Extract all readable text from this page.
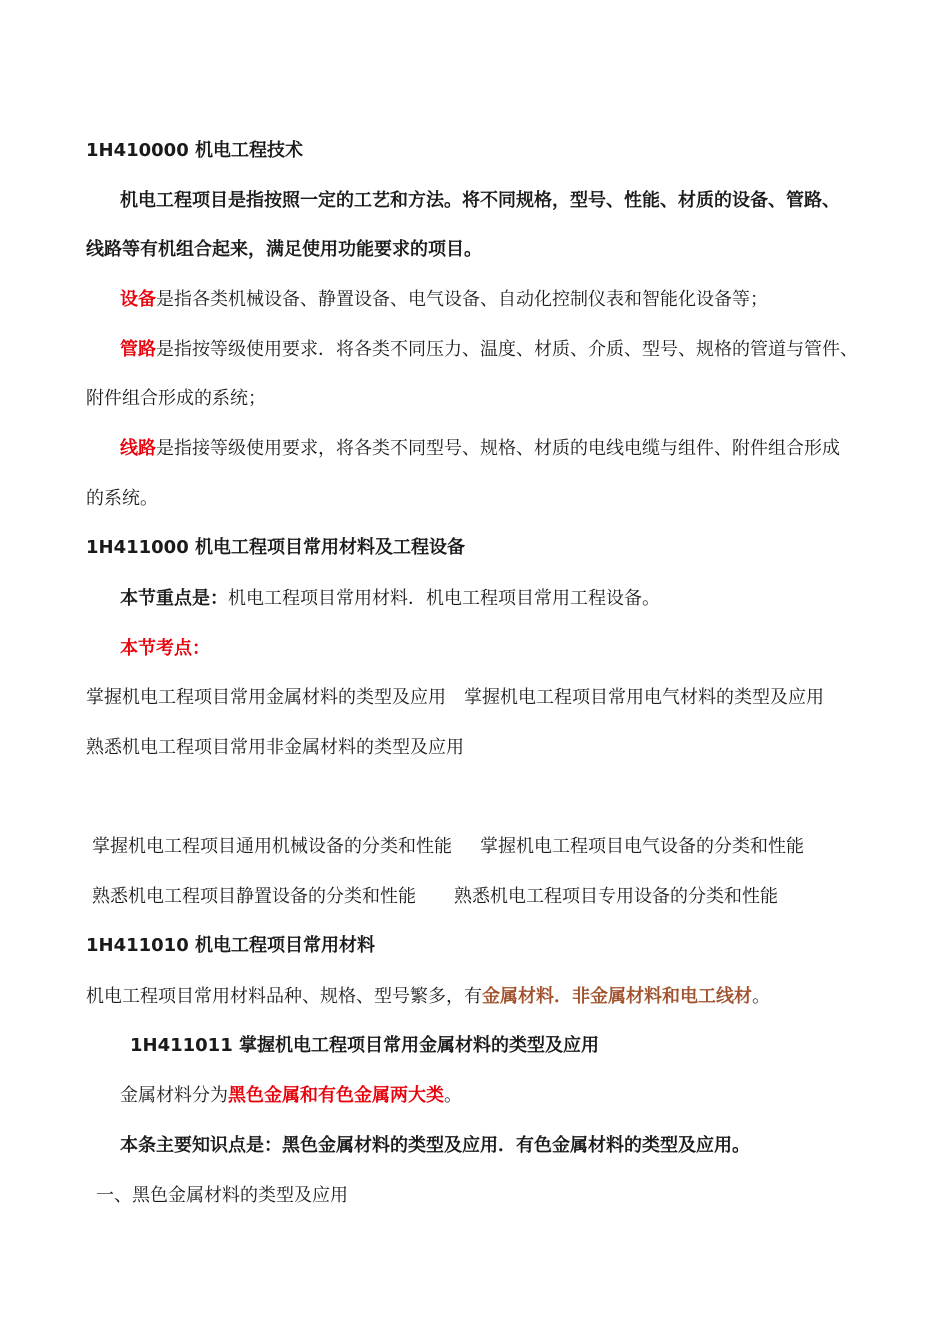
1H410000 机电工程技术
机电工程项目是指按照一定的工艺和方法。将不同规格，型号、性能、材质的设备、管路、
线路等有机组合起来，满足使用功能要求的项目。
设备是指各类机械设备、静置设备、电气设备、自动化控制仪表和智能化设备等；
管路是指按等级使用要求．将各类不同压力、温度、材质、介质、型号、规格的管道与管件、
附件组合形成的系统；
线路是指接等级使用要求，将各类不同型号、规格、材质的电线电缆与组件、附件组合形成
的系统。
1H411000 机电工程项目常用材料及工程设备
本节重点是：机电工程项目常用材料．机电工程项目常用工程设备。
本节考点：
掌握机电工程项目常用金属材料的类型及应用 掌握机电工程项目常用电气材料的类型及应用
熟悉机电工程项目常用非金属材料的类型及应用
掌握机电工程项目通用机械设备的分类和性能 掌握机电工程项目电气设备的分类和性能
熟悉机电工程项目静置设备的分类和性能 熟悉机电工程项目专用设备的分类和性能
1H411010 机电工程项目常用材料
机电工程项目常用材料品种、规格、型号繁多，有金属材料．非金属材料和电工线材。
1H411011 掌握机电工程项目常用金属材料的类型及应用
金属材料分为黑色金属和有色金属两大类。
本条主要知识点是：黑色金属材料的类型及应用．有色金属材料的类型及应用。
一、黑色金属材料的类型及应用
